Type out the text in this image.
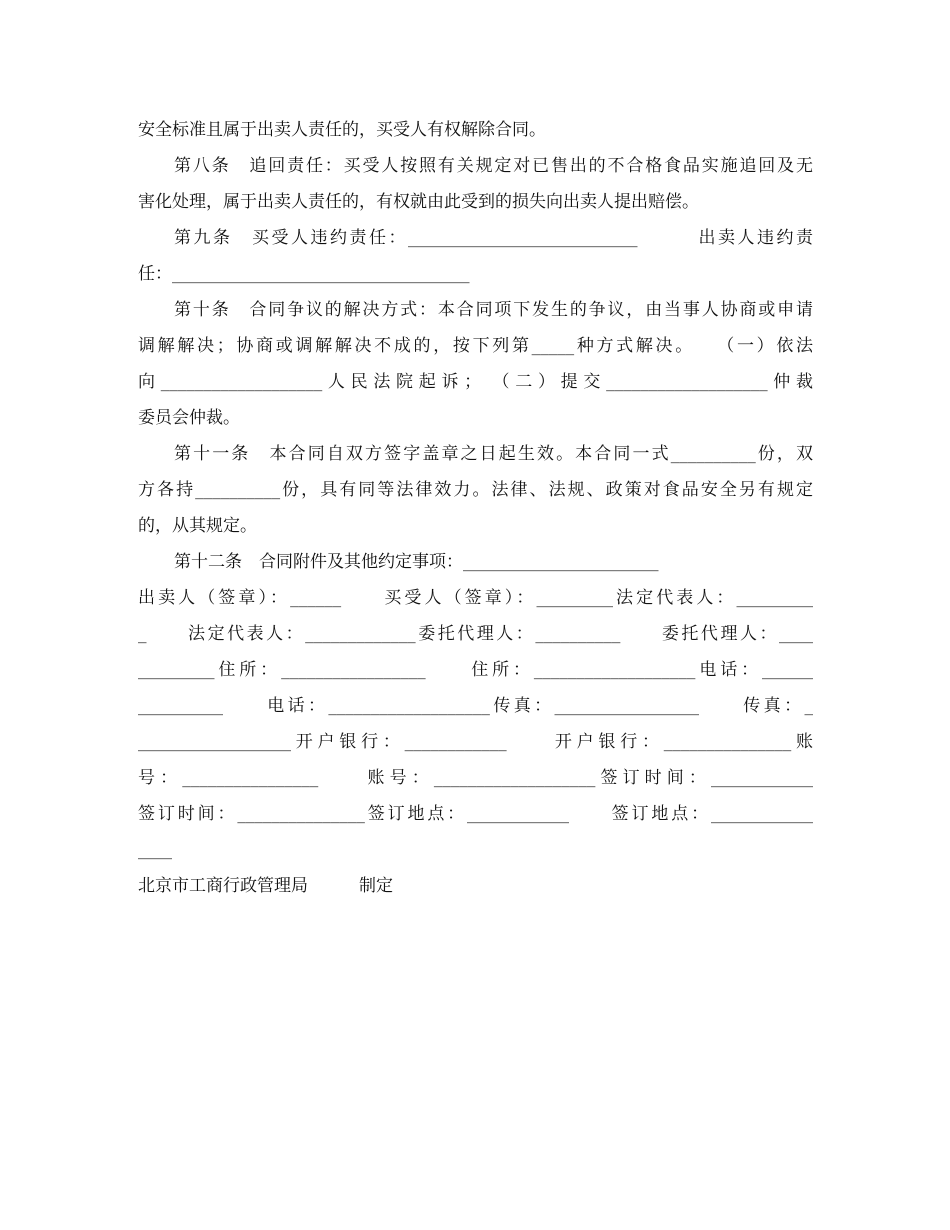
安全标准且属于出卖人责任的，买受人有权解除合同。
第八条　追回责任：买受人按照有关规定对已售出的不合格食品实施追回及无
害化处理，属于出卖人责任的，有权就由此受到的损失向出卖人提出赔偿。
第九条　买受人违约责任：___________________________　　　出卖人违约责
任：___________________________________
第十条　合同争议的解决方式：本合同项下发生的争议，由当事人协商或申请
调解解决；协商或调解解决不成的，按下列第_____种方式解决。　　（一）依法
向___________________人民法院起诉；　（二）提交___________________仲裁
委员会仲裁。
第十一条　本合同自双方签字盖章之日起生效。本合同一式__________份，双
方各持__________份，具有同等法律效力。法律、法规、政策对食品安全另有规定
的，从其规定。
第十二条　合同附件及其他约定事项：_______________________
出卖人（签章）：______　　买受人（签章）：_________法定代表人：_________
_　　法定代表人：_____________委托代理人：__________　　委托代理人：____
_________住所：_________________　　住所：___________________电话：______
__________　　电话：___________________传真：_________________　　传真：_
__________________开户银行：____________　　开户银行：_______________账
号：________________　　账号：___________________签订时间：____________
签订时间：_______________签订地点：____________　　签订地点：____________
____
北京市工商行政管理局　　　制定
